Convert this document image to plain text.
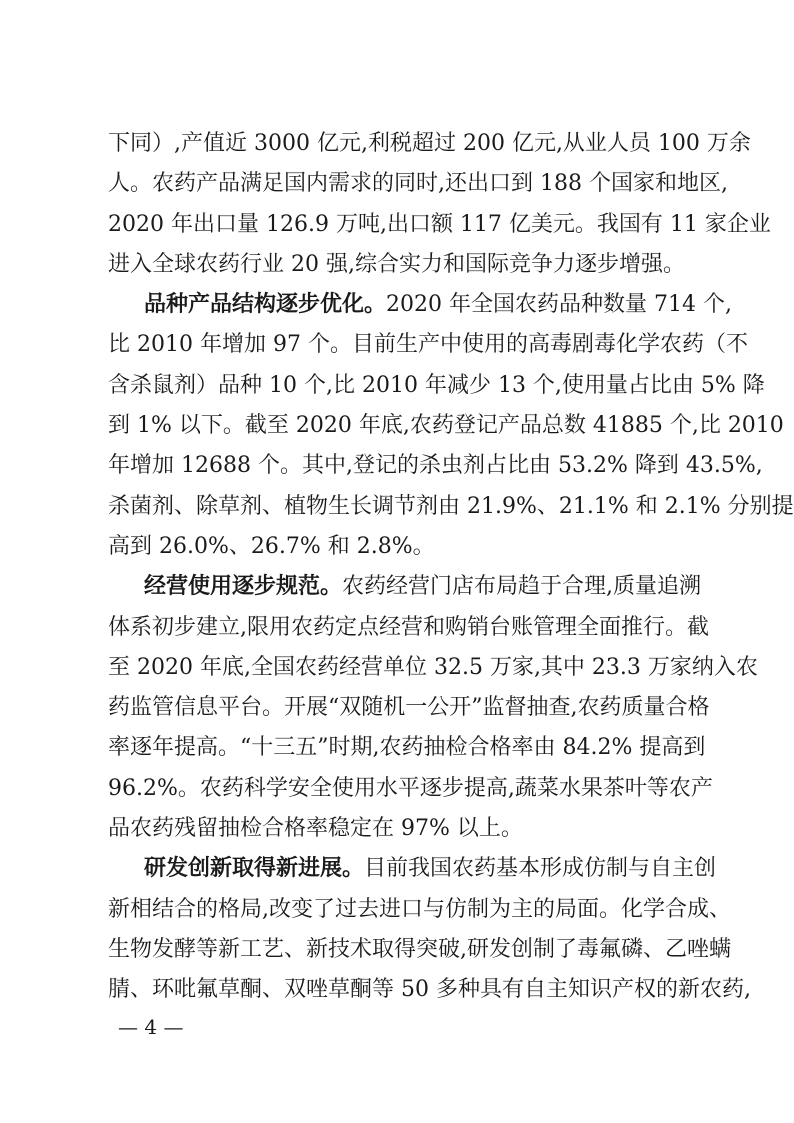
下同）,产值近 3000 亿元,利税超过 200 亿元,从业人员 100 万余
人。农药产品满足国内需求的同时,还出口到 188 个国家和地区,
2020 年出口量 126.9 万吨,出口额 117 亿美元。我国有 11 家企业
进入全球农药行业 20 强,综合实力和国际竞争力逐步增强。
品种产品结构逐步优化。2020 年全国农药品种数量 714 个,
比 2010 年增加 97 个。目前生产中使用的高毒剧毒化学农药（不
含杀鼠剂）品种 10 个,比 2010 年减少 13 个,使用量占比由 5% 降
到 1% 以下。截至 2020 年底,农药登记产品总数 41885 个,比 2010
年增加 12688 个。其中,登记的杀虫剂占比由 53.2% 降到 43.5%,
杀菌剂、除草剂、植物生长调节剂由 21.9%、21.1% 和 2.1% 分别提
高到 26.0%、26.7% 和 2.8%。
经营使用逐步规范。农药经营门店布局趋于合理,质量追溯
体系初步建立,限用农药定点经营和购销台账管理全面推行。截
至 2020 年底,全国农药经营单位 32.5 万家,其中 23.3 万家纳入农
药监管信息平台。开展“双随机一公开”监督抽查,农药质量合格
率逐年提高。“十三五”时期,农药抽检合格率由 84.2% 提高到
96.2%。农药科学安全使用水平逐步提高,蔬菜水果茶叶等农产
品农药残留抽检合格率稳定在 97% 以上。
研发创新取得新进展。目前我国农药基本形成仿制与自主创
新相结合的格局,改变了过去进口与仿制为主的局面。化学合成、
生物发酵等新工艺、新技术取得突破,研发创制了毒氟磷、乙唑螨
腈、环吡氟草酮、双唑草酮等 50 多种具有自主知识产权的新农药,
— 4 —
